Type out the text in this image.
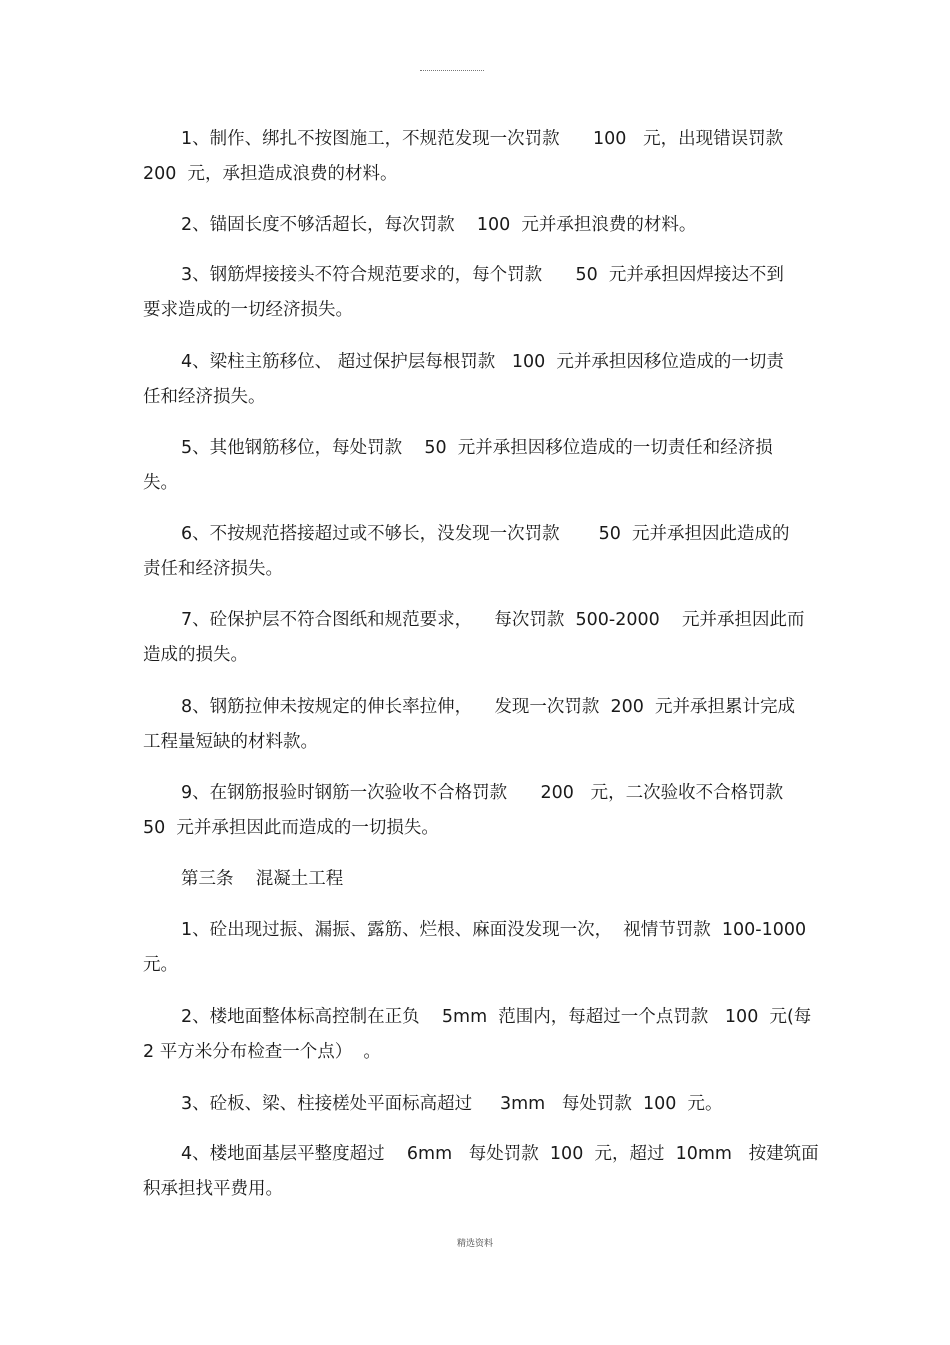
1、制作、绑扎不按图施工，不规范发现一次罚款      100   元，出现错误罚款
200  元，承担造成浪费的材料。

2、锚固长度不够活超长，每次罚款    100  元并承担浪费的材料。

3、钢筋焊接接头不符合规范要求的，每个罚款      50  元并承担因焊接达不到
要求造成的一切经济损失。

4、梁柱主筋移位、 超过保护层每根罚款   100  元并承担因移位造成的一切责
任和经济损失。

5、其他钢筋移位，每处罚款    50  元并承担因移位造成的一切责任和经济损
失。

6、不按规范搭接超过或不够长，没发现一次罚款       50  元并承担因此造成的
责任和经济损失。

7、砼保护层不符合图纸和规范要求，    每次罚款  500-2000    元并承担因此而
造成的损失。

8、钢筋拉伸未按规定的伸长率拉伸，    发现一次罚款  200  元并承担累计完成
工程量短缺的材料款。

9、在钢筋报验时钢筋一次验收不合格罚款      200   元，二次验收不合格罚款
50  元并承担因此而造成的一切损失。

第三条    混凝土工程

1、砼出现过振、漏振、露筋、烂根、麻面没发现一次，  视情节罚款  100-1000
元。

2、楼地面整体标高控制在正负    5mm  范围内，每超过一个点罚款   100  元(每
2 平方米分布检查一个点）  。

3、砼板、梁、柱接槎处平面标高超过     3mm   每处罚款  100  元。

4、楼地面基层平整度超过    6mm   每处罚款  100  元，超过  10mm   按建筑面
积承担找平费用。

精选资料
